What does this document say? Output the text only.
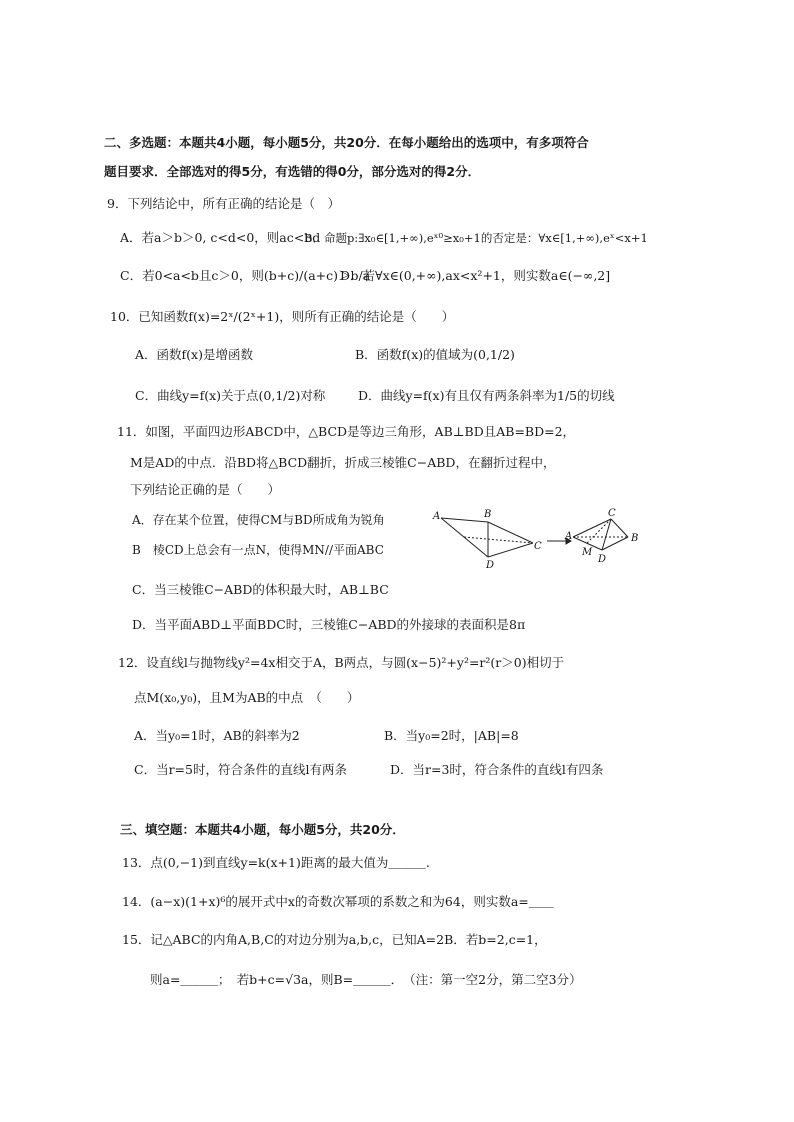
二、多选题：本题共4小题，每小题5分，共20分．在每小题给出的选项中，有多项符合
题目要求．全部选对的得5分，有选错的得0分，部分选对的得2分．
9．下列结论中，所有正确的结论是（　）
A．若a＞b＞0, c<d<0，则ac<bd
B．命题p:∃x₀∈[1,+∞),eˣ⁰≥x₀+1的否定是：∀x∈[1,+∞),eˣ<x+1
C．若0<a<b且c＞0，则(b+c)/(a+c)＞b/a
D．若∀x∈(0,+∞),ax<x²+1，则实数a∈(−∞,2]
10．已知函数f(x)=2ˣ/(2ˣ+1)，则所有正确的结论是（　　）
A．函数f(x)是增函数	B．函数f(x)的值域为(0,1/2)
C．曲线y=f(x)关于点(0,1/2)对称	D．曲线y=f(x)有且仅有两条斜率为1/5的切线
11．如图，平面四边形ABCD中，△BCD是等边三角形，AB⊥BD且AB=BD=2，
M是AD的中点．沿BD将△BCD翻折，折成三棱锥C−ABD，在翻折过程中，
下列结论正确的是（　　）
A．存在某个位置，使得CM与BD所成角为锐角
B　棱CD上总会有一点N，使得MN//平面ABC
C．当三棱锥C−ABD的体积最大时，AB⊥BC
D．当平面ABD⊥平面BDC时，三棱锥C−ABD的外接球的表面积是8π
A	B
C
D
A
C
B
D
M
12．设直线l与抛物线y²=4x相交于A，B两点，与圆(x−5)²+y²=r²(r＞0)相切于
点M(x₀,y₀)，且M为AB的中点　（　　）
A．当y₀=1时，AB的斜率为2	B．当y₀=2时，|AB|=8
C．当r=5时，符合条件的直线l有两条	D．当r=3时，符合条件的直线l有四条
三、填空题：本题共4小题，每小题5分，共20分．
13．点(0,−1)到直线y=k(x+1)距离的最大值为＿＿＿.
14．(a−x)(1+x)⁶的展开式中x的奇数次幂项的系数之和为64，则实数a=＿＿
15．记△ABC的内角A,B,C的对边分别为a,b,c，已知A=2B．若b=2,c=1，
则a=＿＿＿；　若b+c=√3a，则B=＿＿＿．　（注：第一空2分，第二空3分）
